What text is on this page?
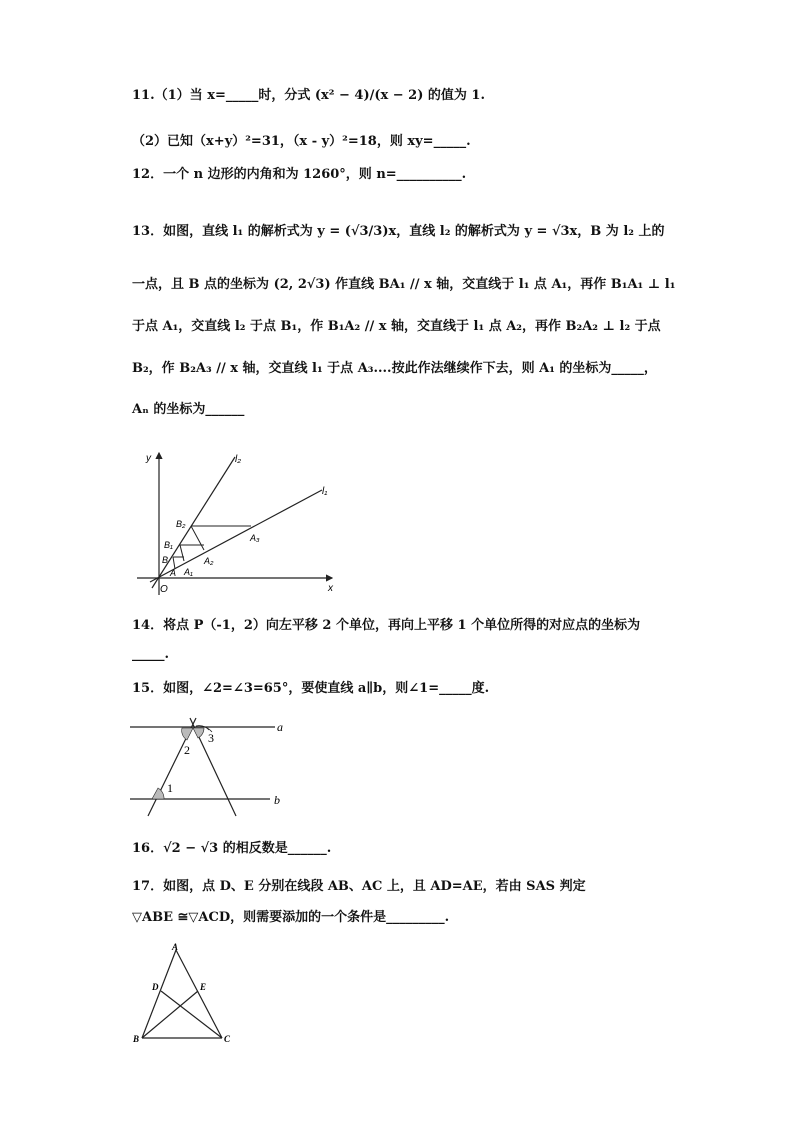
11.（1）当 x=_____时，分式 (x² − 4)/(x − 2) 的值为 1.
（2）已知（x+y）²=31，（x - y）²=18，则 xy=_____.
12．一个 n 边形的内角和为 1260°，则 n=__________.
13．如图，直线 l₁ 的解析式为 y = (√3/3)x，直线 l₂ 的解析式为 y = √3x，B 为 l₂ 上的
一点，且 B 点的坐标为 (2, 2√3) 作直线 BA₁ // x 轴，交直线于 l₁ 点 A₁，再作 B₁A₁ ⊥ l₁
于点 A₁，交直线 l₂ 于点 B₁，作 B₁A₂ // x 轴，交直线于 l₁ 点 A₂，再作 B₂A₂ ⊥ l₂ 于点
B₂，作 B₂A₃ // x 轴，交直线 l₁ 于点 A₃....按此作法继续作下去，则 A₁ 的坐标为_____，
Aₙ 的坐标为______
y
x
O
l₂
l₁
B₂
B₁
B
A A₁
A₂
A₃
14．将点 P（-1，2）向左平移 2 个单位，再向上平移 1 个单位所得的对应点的坐标为
_____.
15．如图，∠2=∠3=65°，要使直线 a∥b，则∠1=_____度.
a
b
1
2
3
16．√2 − √3 的相反数是______.
17．如图，点 D、E 分别在线段 AB、AC 上，且 AD=AE，若由 SAS 判定
▽ABE ≅▽ACD，则需要添加的一个条件是_________.
A
B	C
D	E
